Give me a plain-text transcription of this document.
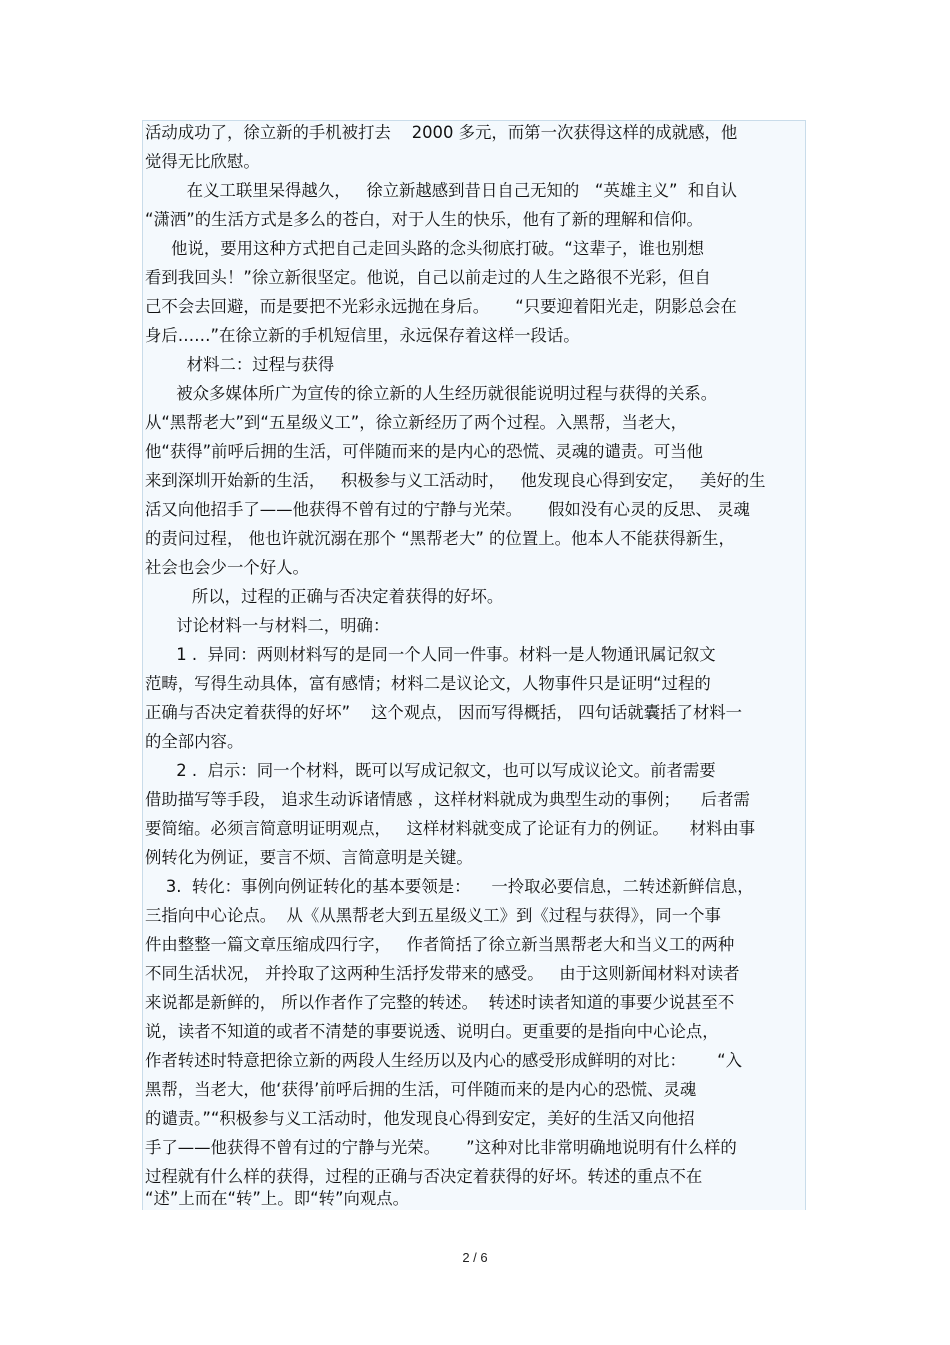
活动成功了，徐立新的手机被打去    2000 多元，而第一次获得这样的成就感，他
觉得无比欣慰。
在义工联里呆得越久，   徐立新越感到昔日自己无知的   “英雄主义”  和自认
“潇洒”的生活方式是多么的苍白，对于人生的快乐，他有了新的理解和信仰。
他说，要用这种方式把自己走回头路的念头彻底打破。“这辈子，谁也别想
看到我回头！”徐立新很坚定。他说，自己以前走过的人生之路很不光彩，但自
己不会去回避，而是要把不光彩永远抛在身后。     “只要迎着阳光走，阴影总会在
身后……”在徐立新的手机短信里，永远保存着这样一段话。
材料二：过程与获得
被众多媒体所广为宣传的徐立新的人生经历就很能说明过程与获得的关系。
从“黑帮老大”到“五星级义工”，徐立新经历了两个过程。入黑帮，当老大，
他“获得”前呼后拥的生活，可伴随而来的是内心的恐慌、灵魂的谴责。可当他
来到深圳开始新的生活，   积极参与义工活动时，   他发现良心得到安定，   美好的生
活又向他招手了——他获得不曾有过的宁静与光荣。     假如没有心灵的反思、 灵魂
的责问过程， 他也许就沉溺在那个 “黑帮老大” 的位置上。他本人不能获得新生，
社会也会少一个好人。
所以，过程的正确与否决定着获得的好坏。
讨论材料一与材料二，明确：
1 .  异同：两则材料写的是同一个人同一件事。材料一是人物通讯属记叙文
范畴，写得生动具体，富有感情；材料二是议论文，人物事件只是证明“过程的
正确与否决定着获得的好坏”    这个观点， 因而写得概括， 四句话就囊括了材料一
的全部内容。
2 .  启示：同一个材料，既可以写成记叙文，也可以写成议论文。前者需要
借助描写等手段， 追求生动诉诸情感 ，这样材料就成为典型生动的事例；    后者需
要简缩。必须言简意明证明观点，   这样材料就变成了论证有力的例证。    材料由事
例转化为例证，要言不烦、言简意明是关键。
3.  转化：事例向例证转化的基本要领是：    一拎取必要信息，二转述新鲜信息，
三指向中心论点。  从《从黑帮老大到五星级义工》到《过程与获得》，同一个事
件由整整一篇文章压缩成四行字，   作者简括了徐立新当黑帮老大和当义工的两种
不同生活状况， 并拎取了这两种生活抒发带来的感受。   由于这则新闻材料对读者
来说都是新鲜的， 所以作者作了完整的转述。  转述时读者知道的事要少说甚至不
说，读者不知道的或者不清楚的事要说透、说明白。更重要的是指向中心论点，
作者转述时特意把徐立新的两段人生经历以及内心的感受形成鲜明的对比：      “入
黑帮，当老大，他‘获得’前呼后拥的生活，可伴随而来的是内心的恐慌、灵魂
的谴责。”“积极参与义工活动时，他发现良心得到安定，美好的生活又向他招
手了——他获得不曾有过的宁静与光荣。     ”这种对比非常明确地说明有什么样的
过程就有什么样的获得，过程的正确与否决定着获得的好坏。转述的重点不在
“述”上而在“转”上。即“转”向观点。
2 / 6
